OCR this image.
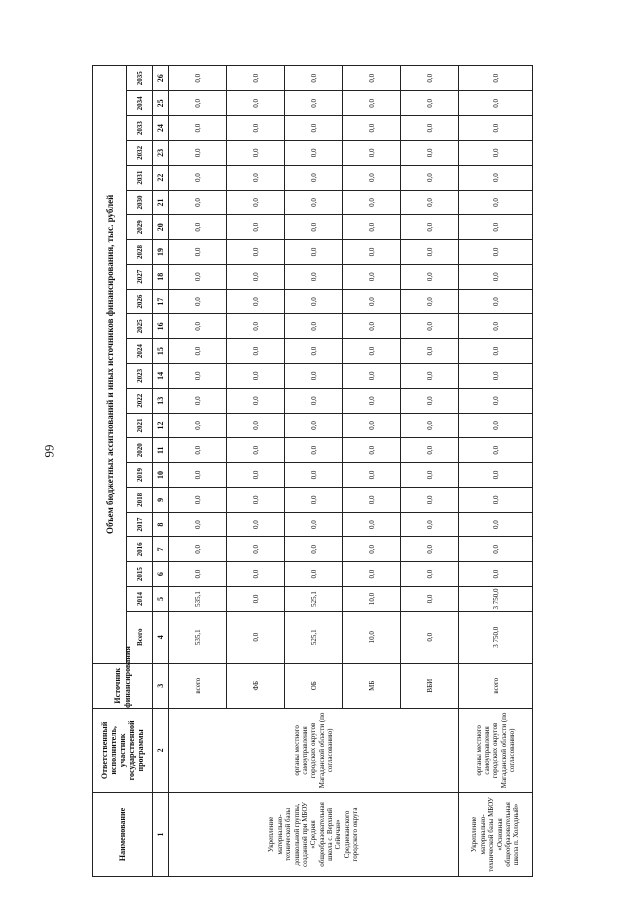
66
Наименование	Ответственный исполнитель, участник государственной программы	Источник финансирования	Объем бюджетных ассигнований и иных источников финансирования, тыс. рублей																						
			Всего	2014	2015	2016	2017	2018	2019	2020	2021	2022	2023	2024	2025	2026	2027	2028	2029	2030	2031	2032	2033	2034	2035
1	2	3	4	5	6	7	8	9	10	11	12	13	14	15	16	17	18	19	20	21	22	23	24	25	26
Укрепление материально-технической базы дошкольной группы, созданной при МБОУ «Средняя общеобразовательная школа с. Верхний Сеймчан» Среднеканского городского округа	органы местного самоуправления городских округов Магаданской области (по согласованию)	всего	535,1	535,1	0,0	0,0	0,0	0,0	0,0	0,0	0,0	0,0	0,0	0,0	0,0	0,0	0,0	0,0	0,0	0,0	0,0	0,0	0,0	0,0	0,0
		ФБ	0,0	0,0	0,0	0,0	0,0	0,0	0,0	0,0	0,0	0,0	0,0	0,0	0,0	0,0	0,0	0,0	0,0	0,0	0,0	0,0	0,0	0,0	0,0
		ОБ	525,1	525,1	0,0	0,0	0,0	0,0	0,0	0,0	0,0	0,0	0,0	0,0	0,0	0,0	0,0	0,0	0,0	0,0	0,0	0,0	0,0	0,0	0,0
		МБ	10,0	10,0	0,0	0,0	0,0	0,0	0,0	0,0	0,0	0,0	0,0	0,0	0,0	0,0	0,0	0,0	0,0	0,0	0,0	0,0	0,0	0,0	0,0
		ВБИ	0,0	0,0	0,0	0,0	0,0	0,0	0,0	0,0	0,0	0,0	0,0	0,0	0,0	0,0	0,0	0,0	0,0	0,0	0,0	0,0	0,0	0,0	0,0
Укрепление материально-технической базы МБОУ «Основная общеобразовательная школа п. Холодный»	органы местного самоуправления городских округов Магаданской области (по согласованию)	всего	3 750,0	3 750,0	0,0	0,0	0,0	0,0	0,0	0,0	0,0	0,0	0,0	0,0	0,0	0,0	0,0	0,0	0,0	0,0	0,0	0,0	0,0	0,0	0,0
